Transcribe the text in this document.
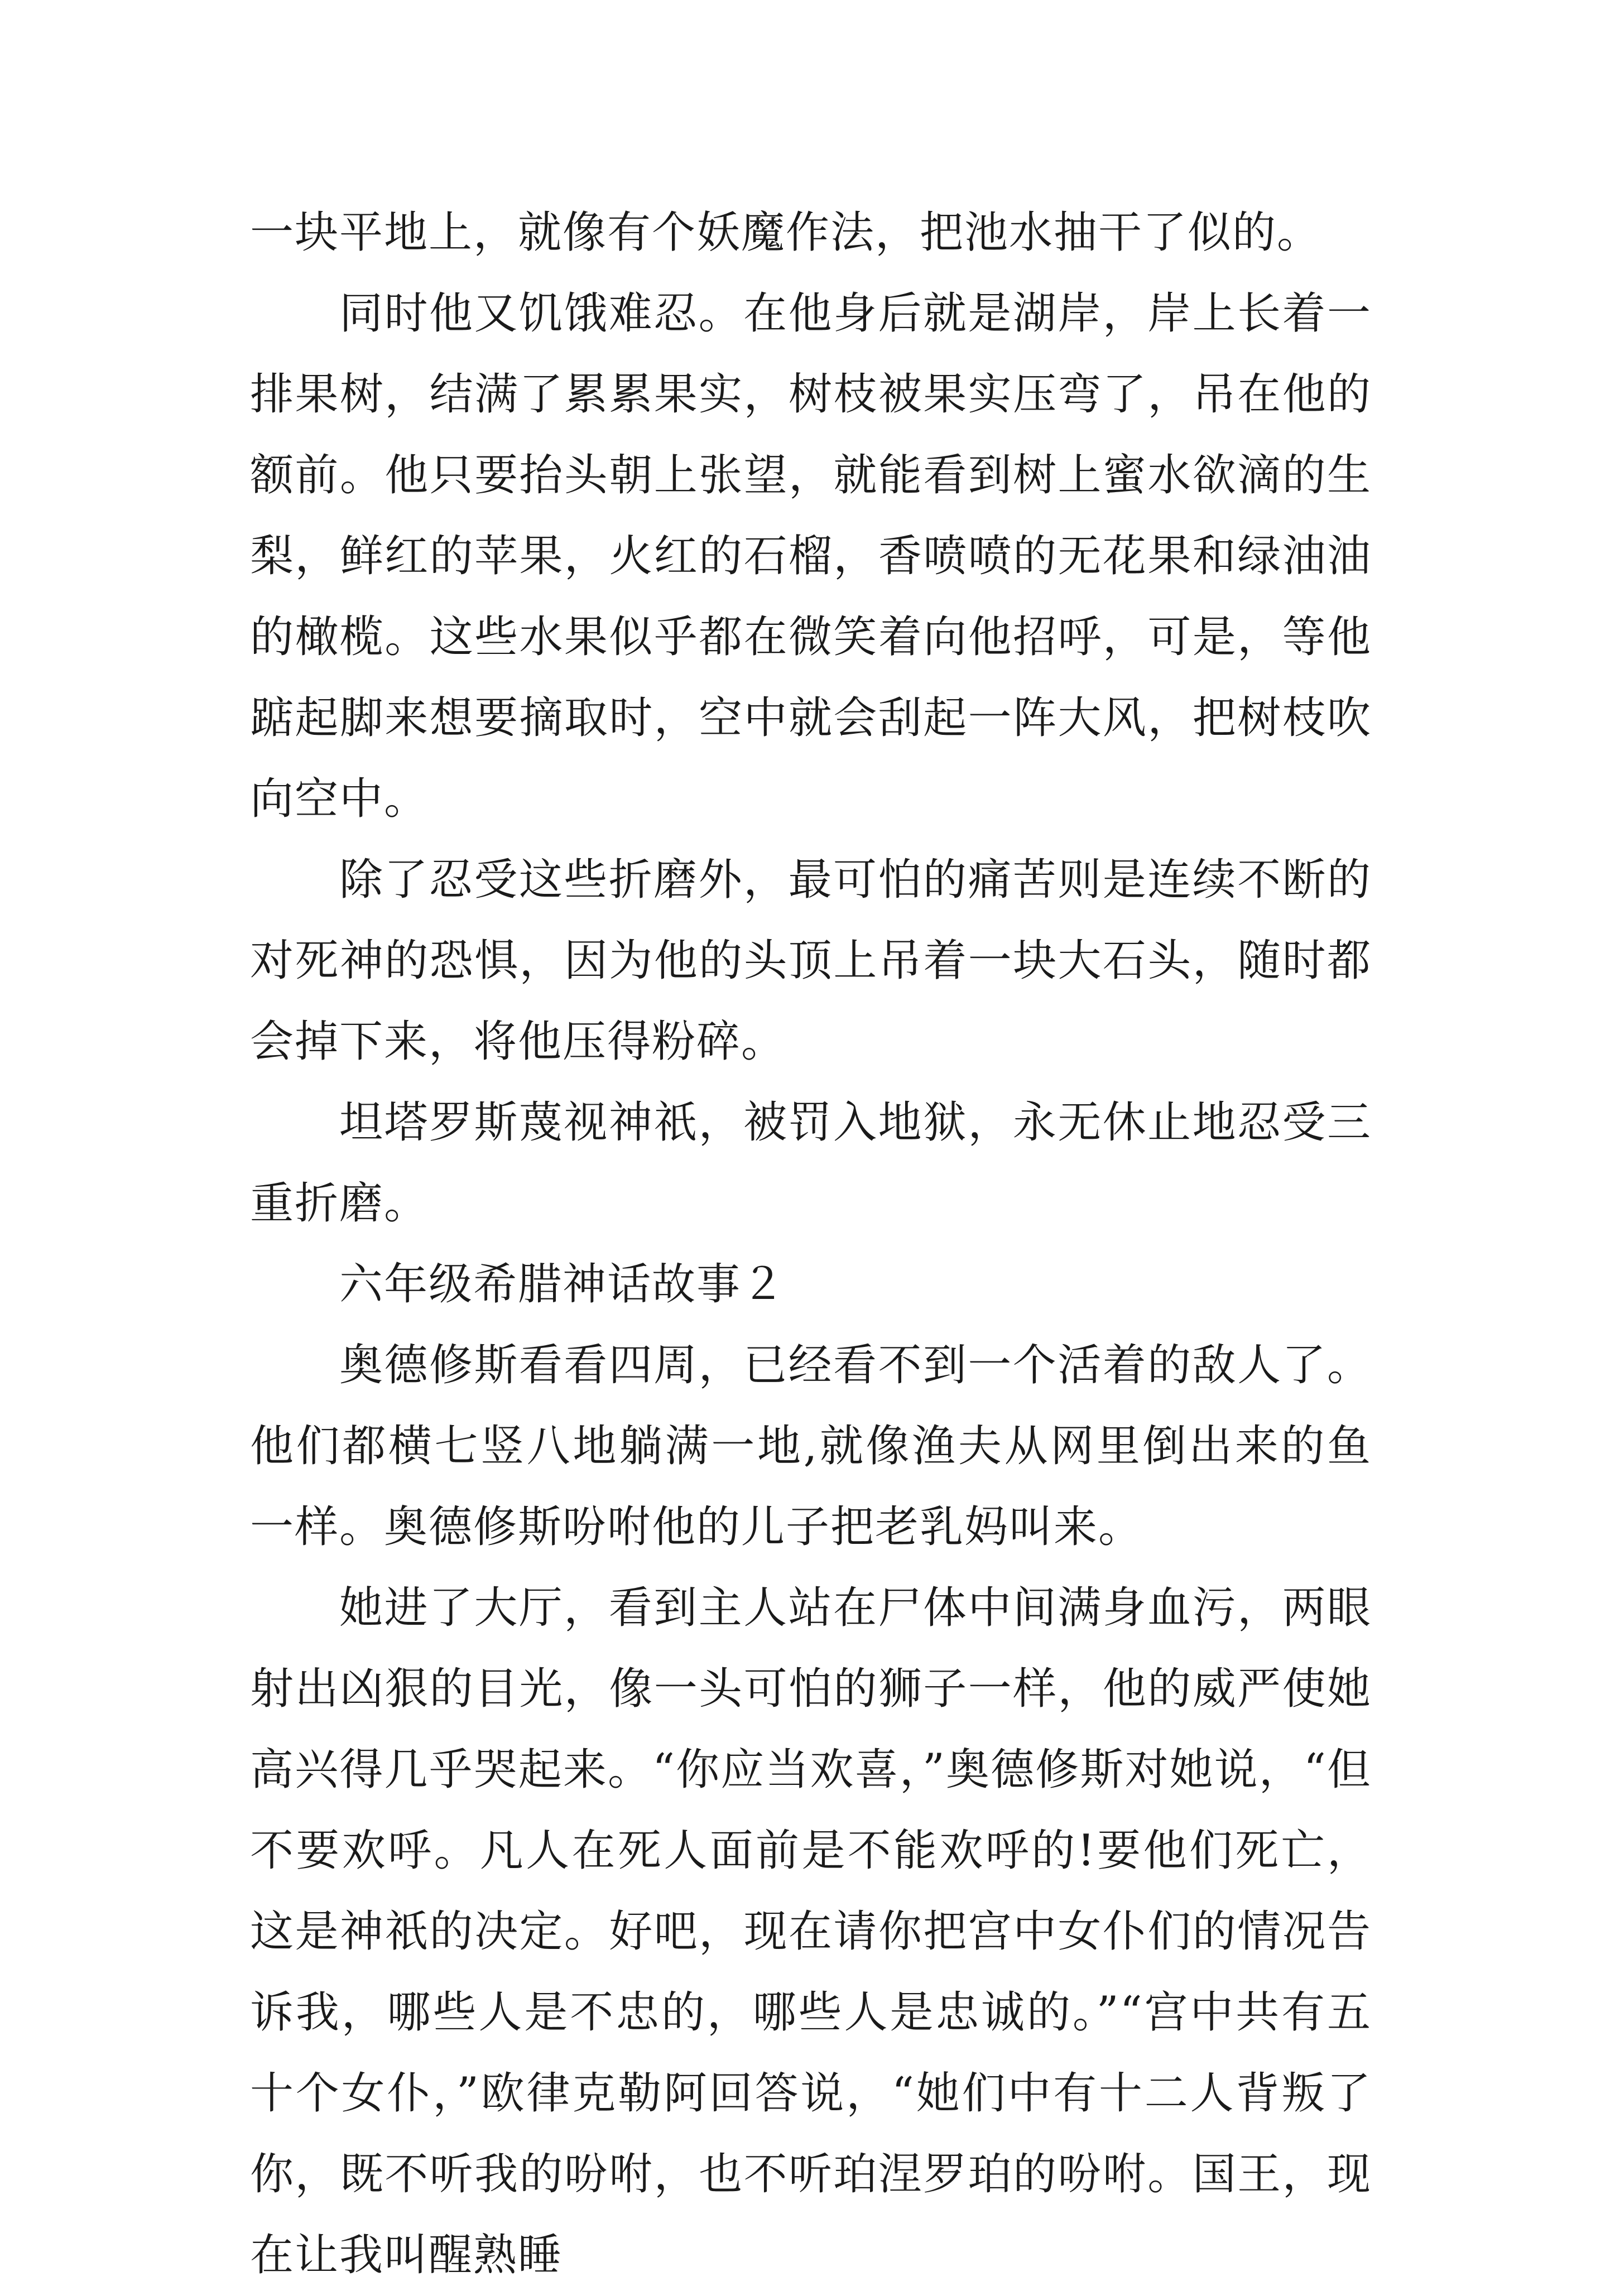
一块平地上，就像有个妖魔作法，把池水抽干了似的。

同时他又饥饿难忍。在他身后就是湖岸，岸上长着一排果树，结满了累累果实，树枝被果实压弯了，吊在他的额前。他只要抬头朝上张望，就能看到树上蜜水欲滴的生梨，鲜红的苹果，火红的石榴，香喷喷的无花果和绿油油的橄榄。这些水果似乎都在微笑着向他招呼，可是，等他踮起脚来想要摘取时，空中就会刮起一阵大风，把树枝吹向空中。

除了忍受这些折磨外，最可怕的痛苦则是连续不断的对死神的恐惧，因为他的头顶上吊着一块大石头，随时都会掉下来，将他压得粉碎。

坦塔罗斯蔑视神祇，被罚入地狱，永无休止地忍受三重折磨。

六年级希腊神话故事２

奥德修斯看看四周，已经看不到一个活着的敌人了。他们都横七竖八地躺满一地,就像渔夫从网里倒出来的鱼一样。奥德修斯吩咐他的儿子把老乳妈叫来。

她进了大厅，看到主人站在尸体中间满身血污，两眼射出凶狠的目光，像一头可怕的狮子一样，他的威严使她高兴得几乎哭起来。“你应当欢喜，”奥德修斯对她说，“但不要欢呼。凡人在死人面前是不能欢呼的!要他们死亡，这是神祇的决定。好吧，现在请你把宫中女仆们的情况告诉我，哪些人是不忠的，哪些人是忠诚的。”“宫中共有五十个女仆，”欧律克勒阿回答说，“她们中有十二人背叛了你，既不听我的吩咐，也不听珀涅罗珀的吩咐。国王，现在让我叫醒熟睡
